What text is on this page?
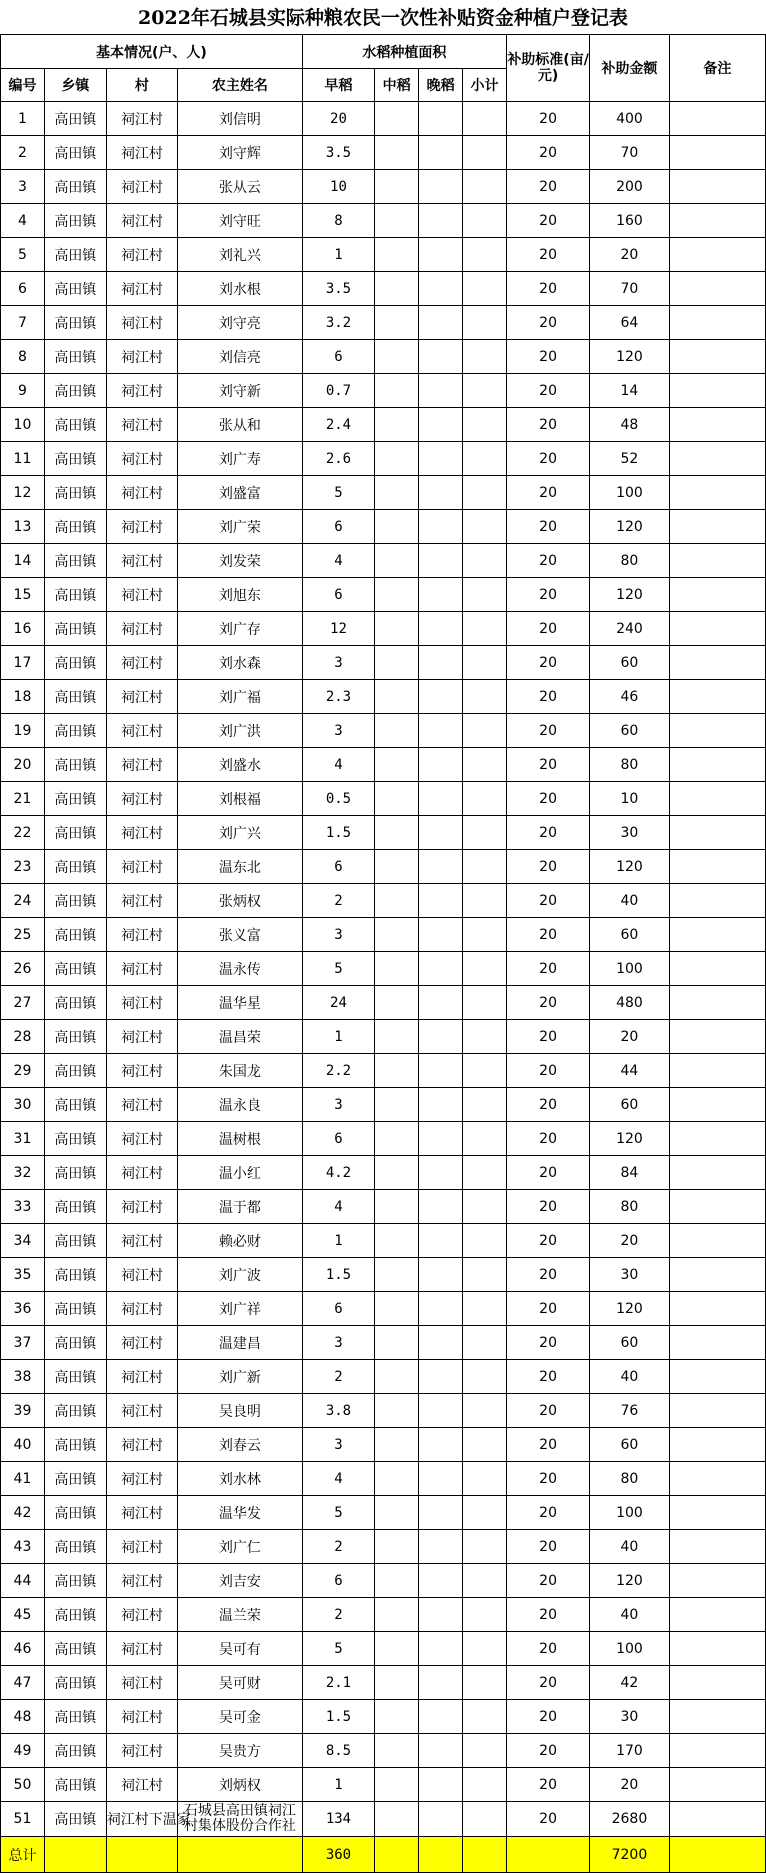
2022年石城县实际种粮农民一次性补贴资金种植户登记表
基本情况(户、人)				水稻种植面积				补助标准(亩/元)	补助金额	备注
编号	乡镇	村	农主姓名	早稻	中稻	晚稻	小计			
1	高田镇	祠江村	刘信明	20				20	400	
2	高田镇	祠江村	刘守辉	3.5				20	70	
3	高田镇	祠江村	张从云	10				20	200	
4	高田镇	祠江村	刘守旺	8				20	160	
5	高田镇	祠江村	刘礼兴	1				20	20	
6	高田镇	祠江村	刘水根	3.5				20	70	
7	高田镇	祠江村	刘守亮	3.2				20	64	
8	高田镇	祠江村	刘信亮	6				20	120	
9	高田镇	祠江村	刘守新	0.7				20	14	
10	高田镇	祠江村	张从和	2.4				20	48	
11	高田镇	祠江村	刘广寿	2.6				20	52	
12	高田镇	祠江村	刘盛富	5				20	100	
13	高田镇	祠江村	刘广荣	6				20	120	
14	高田镇	祠江村	刘发荣	4				20	80	
15	高田镇	祠江村	刘旭东	6				20	120	
16	高田镇	祠江村	刘广存	12				20	240	
17	高田镇	祠江村	刘水森	3				20	60	
18	高田镇	祠江村	刘广福	2.3				20	46	
19	高田镇	祠江村	刘广洪	3				20	60	
20	高田镇	祠江村	刘盛水	4				20	80	
21	高田镇	祠江村	刘根福	0.5				20	10	
22	高田镇	祠江村	刘广兴	1.5				20	30	
23	高田镇	祠江村	温东北	6				20	120	
24	高田镇	祠江村	张炳权	2				20	40	
25	高田镇	祠江村	张义富	3				20	60	
26	高田镇	祠江村	温永传	5				20	100	
27	高田镇	祠江村	温华星	24				20	480	
28	高田镇	祠江村	温昌荣	1				20	20	
29	高田镇	祠江村	朱国龙	2.2				20	44	
30	高田镇	祠江村	温永良	3				20	60	
31	高田镇	祠江村	温树根	6				20	120	
32	高田镇	祠江村	温小红	4.2				20	84	
33	高田镇	祠江村	温于都	4				20	80	
34	高田镇	祠江村	赖必财	1				20	20	
35	高田镇	祠江村	刘广波	1.5				20	30	
36	高田镇	祠江村	刘广祥	6				20	120	
37	高田镇	祠江村	温建昌	3				20	60	
38	高田镇	祠江村	刘广新	2				20	40	
39	高田镇	祠江村	吴良明	3.8				20	76	
40	高田镇	祠江村	刘春云	3				20	60	
41	高田镇	祠江村	刘水林	4				20	80	
42	高田镇	祠江村	温华发	5				20	100	
43	高田镇	祠江村	刘广仁	2				20	40	
44	高田镇	祠江村	刘吉安	6				20	120	
45	高田镇	祠江村	温兰荣	2				20	40	
46	高田镇	祠江村	吴可有	5				20	100	
47	高田镇	祠江村	吴可财	2.1				20	42	
48	高田镇	祠江村	吴可金	1.5				20	30	
49	高田镇	祠江村	吴贵方	8.5				20	170	
50	高田镇	祠江村	刘炳权	1				20	20	
51	高田镇	祠江村下温家	石城县高田镇祠江村集体股份合作社	134				20	2680	
总计				360					7200	
